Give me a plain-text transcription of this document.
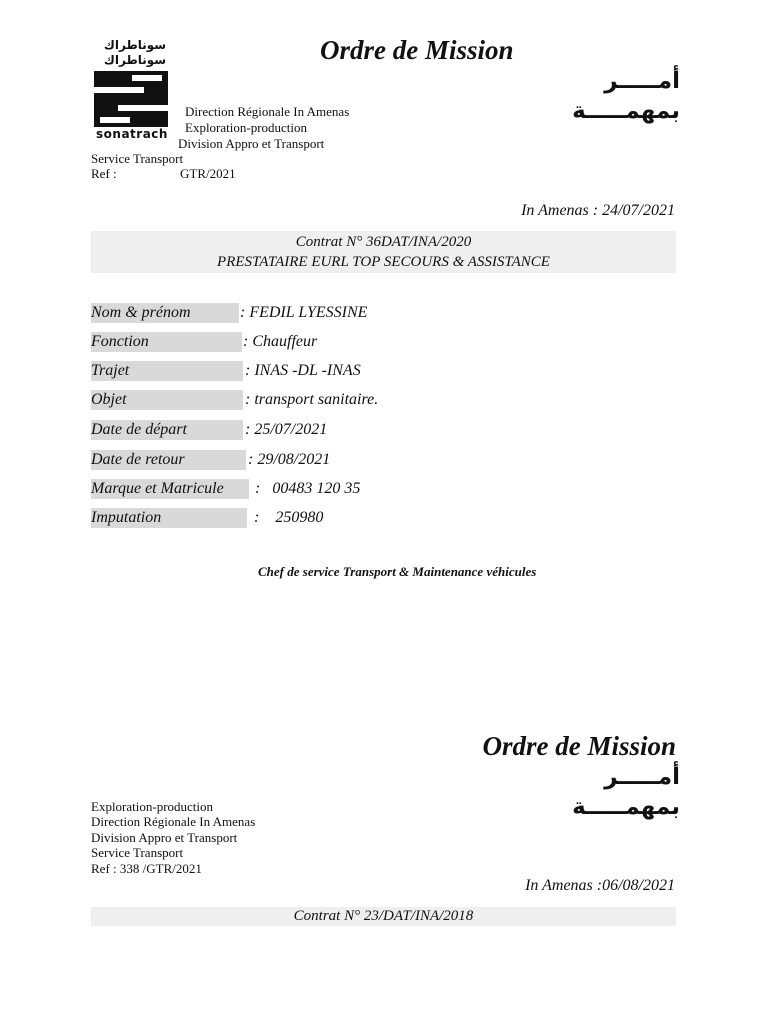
سوناطراك
سوناطراك
sonatrach
Ordre de Mission
أمـــــر بمهمـــــة
Direction Régionale In Amenas
Exploration-production
Division Appro et Transport
Service Transport
Ref :	GTR/2021
In Amenas : 24/07/2021
Contrat N° 36DAT/INA/2020
PRESTATAIRE EURL TOP SECOURS & ASSISTANCE
Nom & prénom	: FEDIL LYESSINE
Fonction	: Chauffeur
Trajet	: INAS -DL -INAS
Objet	: transport sanitaire.
Date de départ	: 25/07/2021
Date de retour	: 29/08/2021
Marque et Matricule	:   00483 120 35
Imputation	:    250980
Chef de service Transport & Maintenance véhicules
Ordre de Mission
أمـــــر بمهمـــــة
Exploration-production
Direction Régionale In Amenas
Division Appro et Transport
Service Transport
Ref : 338 /GTR/2021
In Amenas :06/08/2021
Contrat N° 23/DAT/INA/2018
